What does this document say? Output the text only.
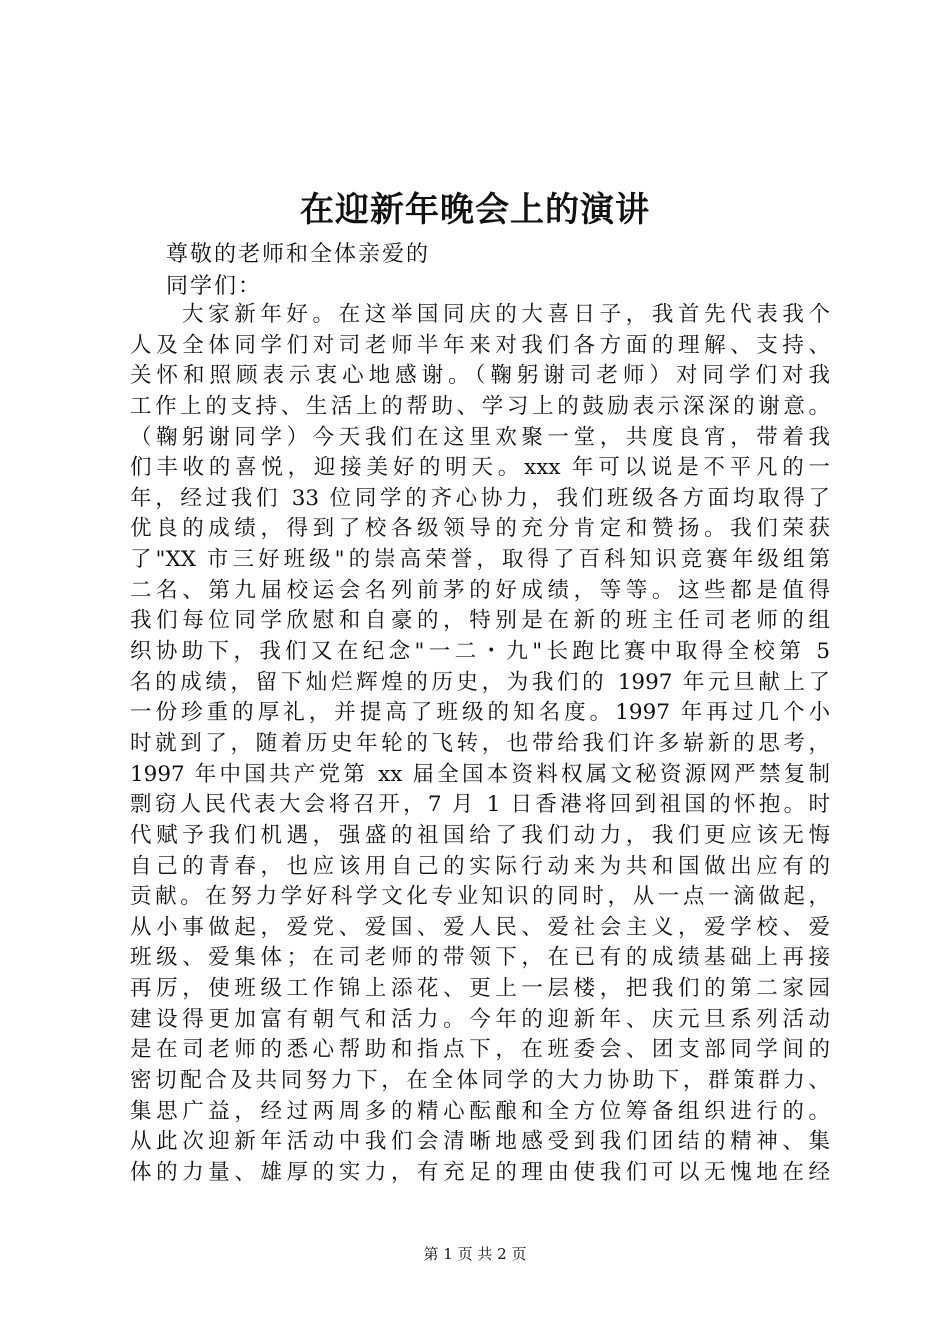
在迎新年晚会上的演讲
尊敬的老师和全体亲爱的
同学们：
大家新年好。在这举国同庆的大喜日子，我首先代表我个
人及全体同学们对司老师半年来对我们各方面的理解、支持、
关怀和照顾表示衷心地感谢。（鞠躬谢司老师）对同学们对我
工作上的支持、生活上的帮助、学习上的鼓励表示深深的谢意。
（鞠躬谢同学）今天我们在这里欢聚一堂，共度良宵，带着我
们丰收的喜悦，迎接美好的明天。xxx 年可以说是不平凡的一
年，经过我们 33 位同学的齐心协力，我们班级各方面均取得了
优良的成绩，得到了校各级领导的充分肯定和赞扬。我们荣获
了"XX 市三好班级"的崇高荣誉，取得了百科知识竞赛年级组第
二名、第九届校运会名列前茅的好成绩，等等。这些都是值得
我们每位同学欣慰和自豪的，特别是在新的班主任司老师的组
织协助下，我们又在纪念"一二・九"长跑比赛中取得全校第 5
名的成绩，留下灿烂辉煌的历史，为我们的 1997 年元旦献上了
一份珍重的厚礼，并提高了班级的知名度。1997 年再过几个小
时就到了，随着历史年轮的飞转，也带给我们许多崭新的思考，
1997 年中国共产党第 xx 届全国本资料权属文秘资源网严禁复制
剽窃人民代表大会将召开，7 月 1 日香港将回到祖国的怀抱。时
代赋予我们机遇，强盛的祖国给了我们动力，我们更应该无悔
自己的青春，也应该用自己的实际行动来为共和国做出应有的
贡献。在努力学好科学文化专业知识的同时，从一点一滴做起，
从小事做起，爱党、爱国、爱人民、爱社会主义，爱学校、爱
班级、爱集体；在司老师的带领下，在已有的成绩基础上再接
再厉，使班级工作锦上添花、更上一层楼，把我们的第二家园
建设得更加富有朝气和活力。今年的迎新年、庆元旦系列活动
是在司老师的悉心帮助和指点下，在班委会、团支部同学间的
密切配合及共同努力下，在全体同学的大力协助下，群策群力、
集思广益，经过两周多的精心酝酿和全方位筹备组织进行的。
从此次迎新年活动中我们会清晰地感受到我们团结的精神、集
体的力量、雄厚的实力，有充足的理由使我们可以无愧地在经
第 1 页 共 2 页
